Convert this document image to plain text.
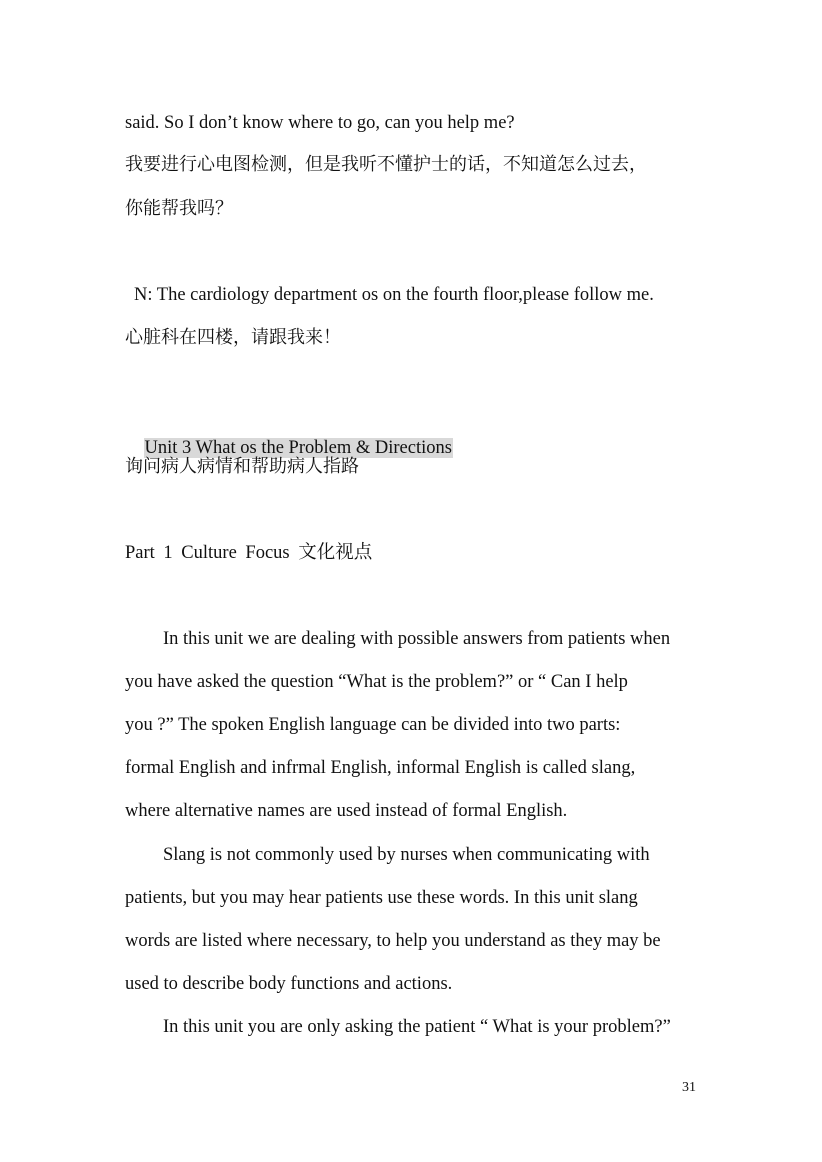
said. So I don’t know where to go, can you help me?
我要进行心电图检测，但是我听不懂护士的话，不知道怎么过去，
你能帮我吗？
N: The cardiology department os on the fourth floor,please follow me.
心脏科在四楼，请跟我来！

Unit 3 What os the Problem & Directions

询问病人病情和帮助病人指路
Part 1 Culture Focus 文化视点
In this unit we are dealing with possible answers from patients when
you have asked the question “What is the problem?” or “ Can I help
you ?” The spoken English language can be divided into two parts:
formal English and infrmal English, informal English is called slang,
where alternative names are used instead of formal English.
Slang is not commonly used by nurses when communicating with
patients, but you may hear patients use these words. In this unit slang
words are listed where necessary, to help you understand as they may be
used to describe body functions and actions.
In this unit you are only asking the patient “ What is your problem?”
31
